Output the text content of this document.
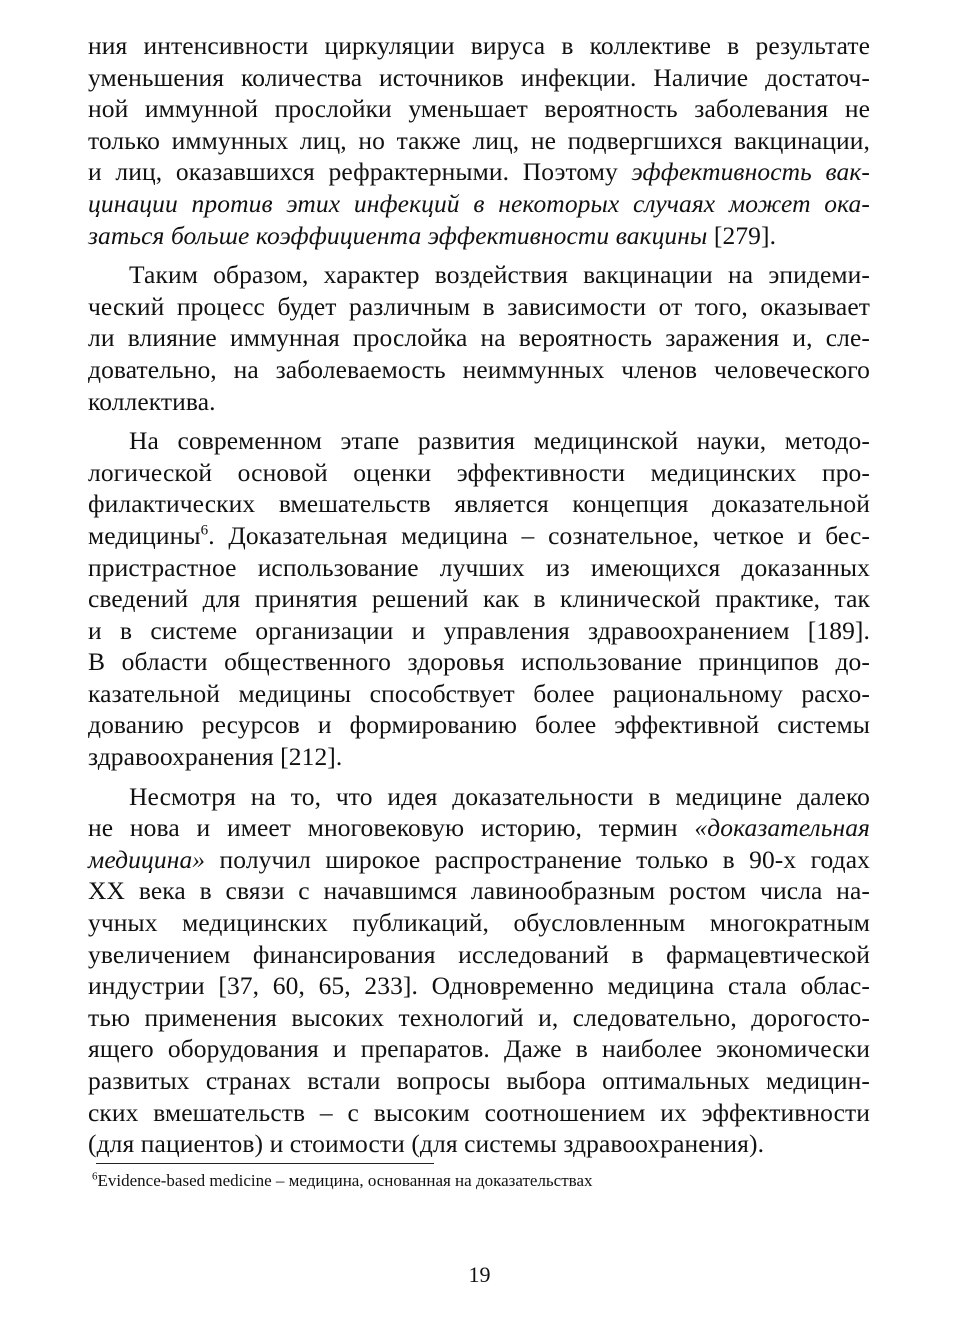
ния интенсивности циркуляции вируса в коллективе в результате
уменьшения количества источников инфекции. Наличие достаточ-
ной иммунной прослойки уменьшает вероятность заболевания не
только иммунных лиц, но также лиц, не подвергшихся вакцинации,
и лиц, оказавшихся рефрактерными. Поэтому эффективность вак-
цинации против этих инфекций в некоторых случаях может ока-
заться больше коэффициента эффективности вакцины [279].
Таким образом, характер воздействия вакцинации на эпидеми-
ческий процесс будет различным в зависимости от того, оказывает
ли влияние иммунная прослойка на вероятность заражения и, сле-
довательно, на заболеваемость неиммунных членов человеческого
коллектива.
На современном этапе развития медицинской науки, методо-
логической основой оценки эффективности медицинских про-
филактических вмешательств является концепция доказательной
медицины$^6$. Доказательная медицина – сознательное, четкое и бес-
пристрастное использование лучших из имеющихся доказанных
сведений для принятия решений как в клинической практике, так
и в системе организации и управления здравоохранением [189].
В области общественного здоровья использование принципов до-
казательной медицины способствует более рациональному расхо-
дованию ресурсов и формированию более эффективной системы
здравоохранения [212].
Несмотря на то, что идея доказательности в медицине далеко
не нова и имеет многовековую историю, термин «доказательная
медицина» получил широкое распространение только в 90-х годах
XX века в связи с начавшимся лавинообразным ростом числа на-
учных медицинских публикаций, обусловленным многократным
увеличением финансирования исследований в фармацевтической
индустрии [37, 60, 65, 233]. Одновременно медицина стала облас-
тью применения высоких технологий и, следовательно, дорогосто-
ящего оборудования и препаратов. Даже в наиболее экономически
развитых странах встали вопросы выбора оптимальных медицин-
ских вмешательств – с высоким соотношением их эффективности
(для пациентов) и стоимости (для системы здравоохранения).
$^6$Evidence-based medicine – медицина, основанная на доказательствах
19
